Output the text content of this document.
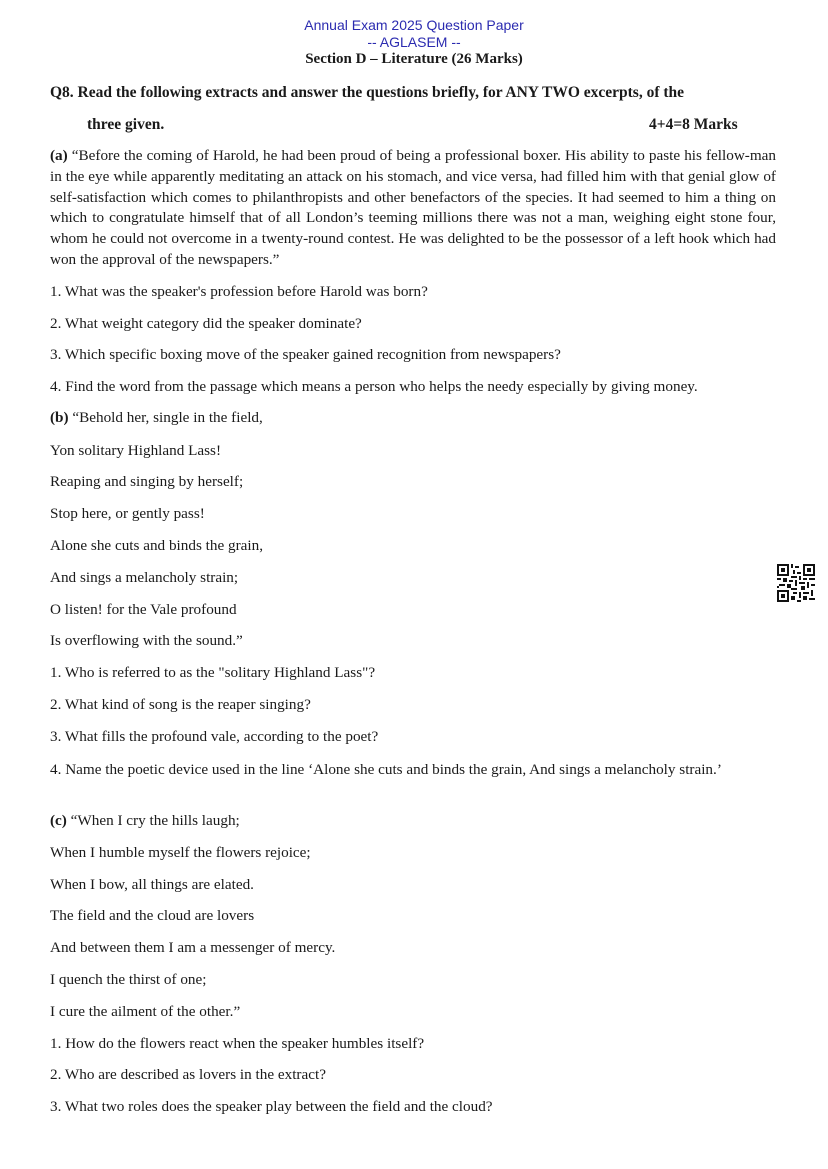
Annual Exam 2025 Question Paper
-- AGLASEM --
Section D – Literature (26 Marks)
Q8. Read the following extracts and answer the questions briefly, for ANY TWO excerpts, of the
three given.	4+4=8 Marks
(a) “Before the coming of Harold, he had been proud of being a professional boxer. His ability to paste his fellow-man in the eye while apparently meditating an attack on his stomach, and vice versa, had filled him with that genial glow of self-satisfaction which comes to philanthropists and other benefactors of the species. It had seemed to him a thing on which to congratulate himself that of all London’s teeming millions there was not a man, weighing eight stone four, whom he could not overcome in a twenty-round contest. He was delighted to be the possessor of a left hook which had won the approval of the newspapers.”
1. What was the speaker's profession before Harold was born?
2. What weight category did the speaker dominate?
3. Which specific boxing move of the speaker gained recognition from newspapers?
4. Find the word from the passage which means a person who helps the needy especially by giving money.
(b) “Behold her, single in the field,
Yon solitary Highland Lass!
Reaping and singing by herself;
Stop here, or gently pass!
Alone she cuts and binds the grain,
And sings a melancholy strain;
O listen! for the Vale profound
Is overflowing with the sound.”
1. Who is referred to as the "solitary Highland Lass"?
2. What kind of song is the reaper singing?
3. What fills the profound vale, according to the poet?
4. Name the poetic device used in the line ‘Alone she cuts and binds the grain, And sings a melancholy strain.’
(c) “When I cry the hills laugh;
When I humble myself the flowers rejoice;
When I bow, all things are elated.
The field and the cloud are lovers
And between them I am a messenger of mercy.
I quench the thirst of one;
I cure the ailment of the other.”
1. How do the flowers react when the speaker humbles itself?
2. Who are described as lovers in the extract?
3. What two roles does the speaker play between the field and the cloud?
